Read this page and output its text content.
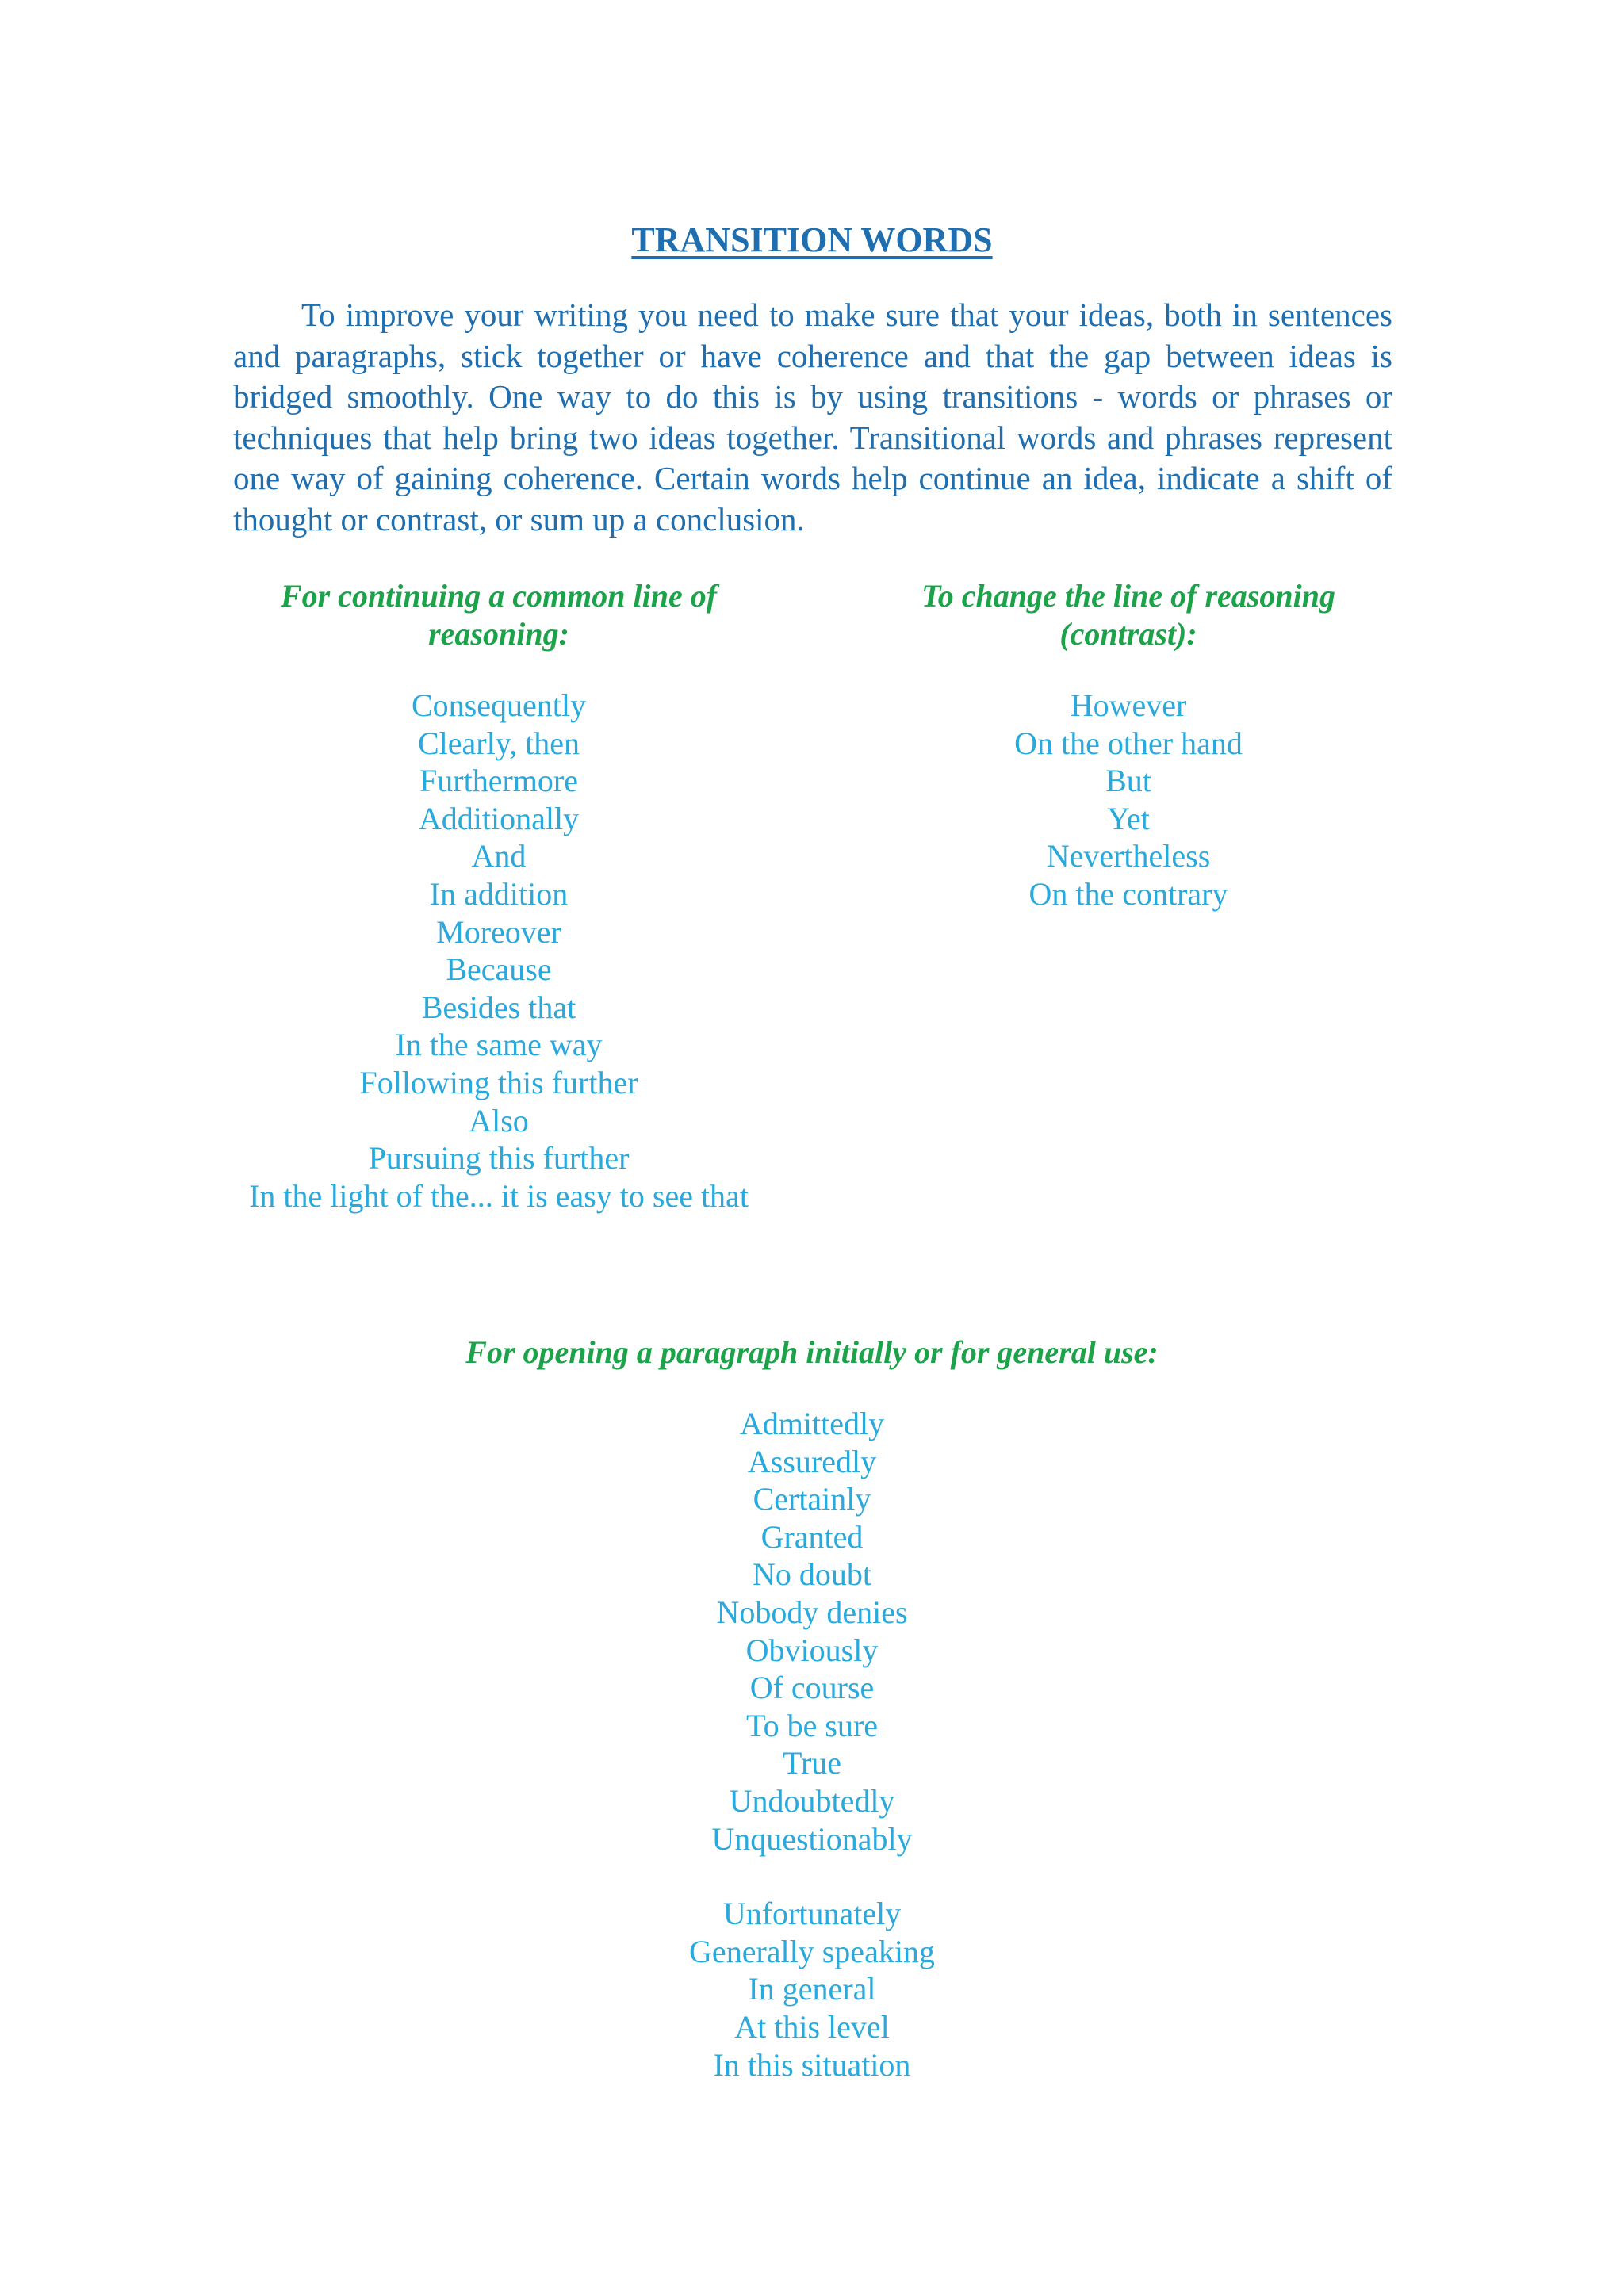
TRANSITION WORDS

To improve your writing you need to make sure that your ideas, both in sentences and paragraphs, stick together or have coherence and that the gap between ideas is bridged smoothly. One way to do this is by using transitions - words or phrases or techniques that help bring two ideas together. Transitional words and phrases represent one way of gaining coherence. Certain words help continue an idea, indicate a shift of thought or contrast, or sum up a conclusion.

For continuing a common line of
reasoning:

Consequently
Clearly, then
Furthermore
Additionally
And
In addition
Moreover
Because
Besides that
In the same way
Following this further
Also
Pursuing this further
In the light of the... it is easy to see that

To change the line of reasoning
(contrast):

However
On the other hand
But
Yet
Nevertheless
On the contrary

For opening a paragraph initially or for general use:

Admittedly
Assuredly
Certainly
Granted
No doubt
Nobody denies
Obviously
Of course
To be sure
True
Undoubtedly
Unquestionably
Unfortunately
Generally speaking
In general
At this level
In this situation
